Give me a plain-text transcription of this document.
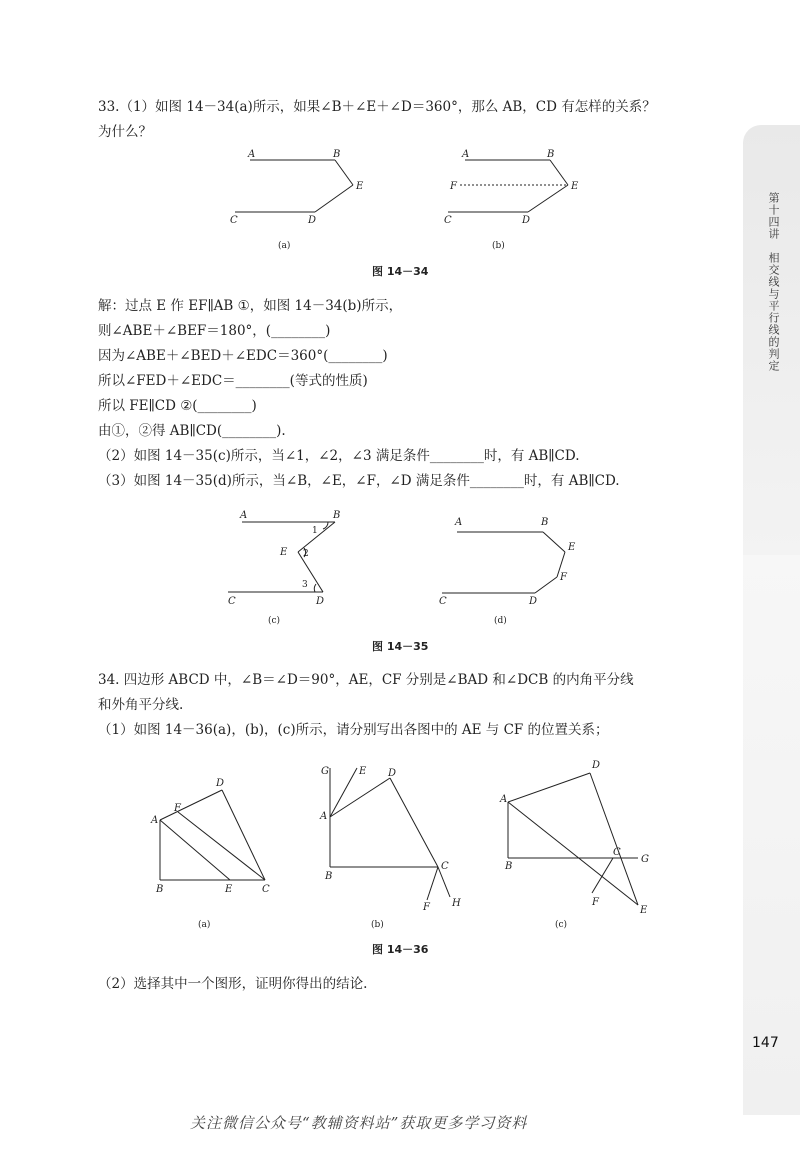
第十四讲　相交线与平行线的判定
33.（1）如图 14－34(a)所示，如果∠B＋∠E＋∠D＝360°，那么 AB，CD 有怎样的关系？
为什么？
A	B
E
C	D
(a)
A	B
F	E
C	D
(b)
图 14－34
解：过点 E 作 EF∥AB ①，如图 14－34(b)所示，
则∠ABE＋∠BEF＝180°，(________)
因为∠ABE＋∠BED＋∠EDC＝360°(________)
所以∠FED＋∠EDC＝________(等式的性质)
所以 FE∥CD ②(________)
由①，②得 AB∥CD(________).
（2）如图 14－35(c)所示，当∠1，∠2，∠3 满足条件________时，有 AB∥CD.
（3）如图 14－35(d)所示，当∠B，∠E，∠F，∠D 满足条件________时，有 AB∥CD.
A	B
1
E 2
3
C	D
(c)
A	B
E
F
C	D
(d)
图 14－35
34. 四边形 ABCD 中，∠B＝∠D＝90°，AE，CF 分别是∠BAD 和∠DCB 的内角平分线
和外角平分线.
（1）如图 14－36(a)，(b)，(c)所示，请分别写出各图中的 AE 与 CF 的位置关系；
D
F
A
B	E	C
(a)
G	E D
A
B
C
F H
(b)
D
A
B
C
G
F
E
(c)
图 14－36
（2）选择其中一个图形，证明你得出的结论.
147
关注微信公众号“教辅资料站”获取更多学习资料
